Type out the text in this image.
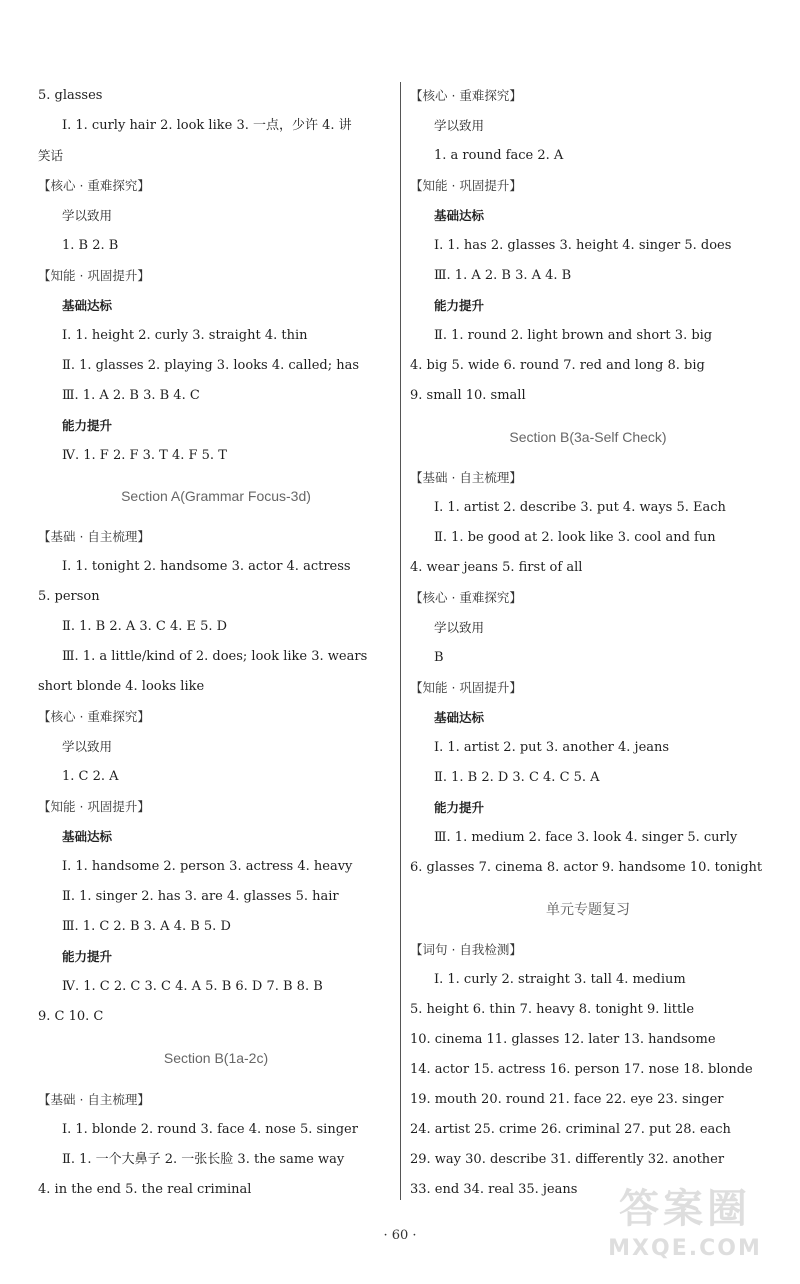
5. glasses
Ⅰ. 1. curly hair 2. look like 3. 一点，少许 4. 讲
笑话
【核心 · 重难探究】
学以致用
1. B 2. B
【知能 · 巩固提升】
基础达标
Ⅰ. 1. height 2. curly 3. straight 4. thin
Ⅱ. 1. glasses 2. playing 3. looks 4. called; has
Ⅲ. 1. A 2. B 3. B 4. C
能力提升
Ⅳ. 1. F 2. F 3. T 4. F 5. T
Section A(Grammar Focus-3d)
【基础 · 自主梳理】
Ⅰ. 1. tonight 2. handsome 3. actor 4. actress
5. person
Ⅱ. 1. B 2. A 3. C 4. E 5. D
Ⅲ. 1. a little/kind of 2. does; look like 3. wears
short blonde 4. looks like
【核心 · 重难探究】
学以致用
1. C 2. A
【知能 · 巩固提升】
基础达标
Ⅰ. 1. handsome 2. person 3. actress 4. heavy
Ⅱ. 1. singer 2. has 3. are 4. glasses 5. hair
Ⅲ. 1. C 2. B 3. A 4. B 5. D
能力提升
Ⅳ. 1. C 2. C 3. C 4. A 5. B 6. D 7. B 8. B
9. C 10. C
Section B(1a-2c)
【基础 · 自主梳理】
Ⅰ. 1. blonde 2. round 3. face 4. nose 5. singer
Ⅱ. 1. 一个大鼻子 2. 一张长脸 3. the same way
4. in the end 5. the real criminal
【核心 · 重难探究】
学以致用
1. a round face 2. A
【知能 · 巩固提升】
基础达标
Ⅰ. 1. has 2. glasses 3. height 4. singer 5. does
Ⅲ. 1. A 2. B 3. A 4. B
能力提升
Ⅱ. 1. round 2. light brown and short 3. big
4. big 5. wide 6. round 7. red and long 8. big
9. small 10. small
Section B(3a-Self Check)
【基础 · 自主梳理】
Ⅰ. 1. artist 2. describe 3. put 4. ways 5. Each
Ⅱ. 1. be good at 2. look like 3. cool and fun
4. wear jeans 5. first of all
【核心 · 重难探究】
学以致用
B
【知能 · 巩固提升】
基础达标
Ⅰ. 1. artist 2. put 3. another 4. jeans
Ⅱ. 1. B 2. D 3. C 4. C 5. A
能力提升
Ⅲ. 1. medium 2. face 3. look 4. singer 5. curly
6. glasses 7. cinema 8. actor 9. handsome 10. tonight
单元专题复习
【词句 · 自我检测】
Ⅰ. 1. curly 2. straight 3. tall 4. medium
5. height 6. thin 7. heavy 8. tonight 9. little
10. cinema 11. glasses 12. later 13. handsome
14. actor 15. actress 16. person 17. nose 18. blonde
19. mouth 20. round 21. face 22. eye 23. singer
24. artist 25. crime 26. criminal 27. put 28. each
29. way 30. describe 31. differently 32. another
33. end 34. real 35. jeans
· 60 ·
答案圈
MXQE.COM
